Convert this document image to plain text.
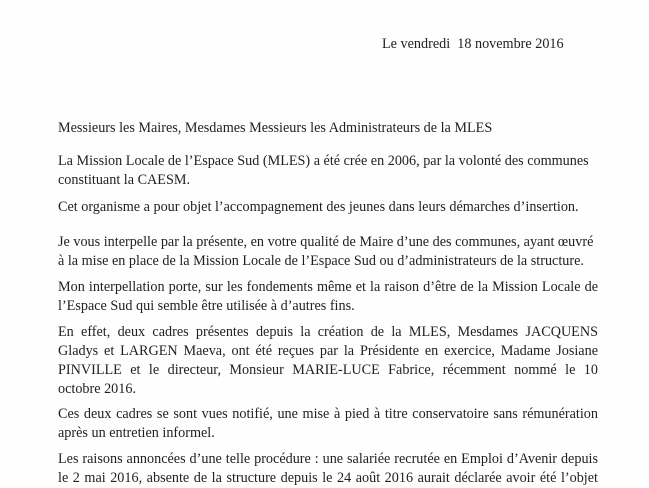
Le vendredi  18 novembre 2016
Messieurs les Maires, Mesdames Messieurs les Administrateurs de la MLES
La Mission Locale de l’Espace Sud (MLES) a été crée en 2006, par la volonté des communes
constituant la CAESM.
Cet organisme a pour objet l’accompagnement des jeunes dans leurs démarches d’insertion.
Je vous interpelle par la présente, en votre qualité de Maire d’une des communes, ayant œuvré
à la mise en place de la Mission Locale de l’Espace Sud ou d’administrateurs de la structure.
Mon interpellation porte, sur les fondements même et la raison d’être de la Mission Locale de
l’Espace Sud qui semble être utilisée à d’autres fins.
En effet, deux cadres présentes depuis la création de la MLES, Mesdames JACQUENS
Gladys et LARGEN Maeva, ont été reçues par la Présidente en exercice, Madame Josiane
PINVILLE et le directeur, Monsieur MARIE-LUCE Fabrice, récemment nommé le 10
octobre 2016.
Ces deux cadres se sont vues notifié, une mise à pied à titre conservatoire sans rémunération
après un entretien informel.
Les raisons annoncées d’une telle procédure : une salariée recrutée en Emploi d’Avenir depuis
le 2 mai 2016, absente de la structure depuis le 24 août 2016 aurait déclarée avoir été l’objet
